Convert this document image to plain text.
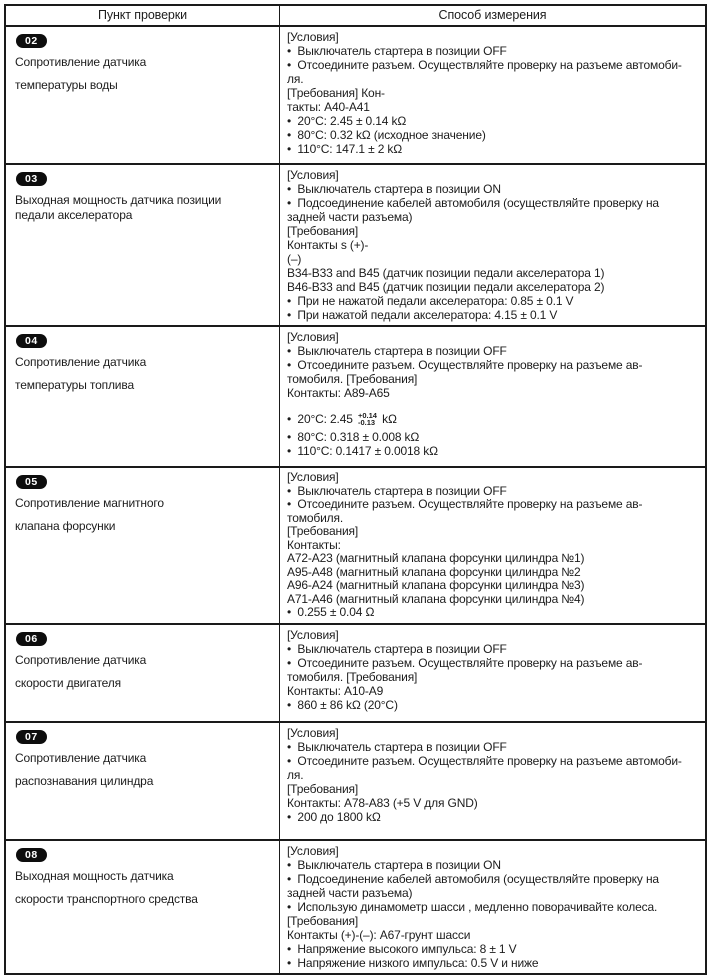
Пункт проверки	Способ измерения
02
Сопротивление датчика
температуры воды
[Условия]
•  Выключатель стартера в позиции OFF
•  Отсоедините разъем. Осуществляйте проверку на разъеме автомоби-
ля.
[Требования] Кон-
такты: A40-A41
•  20°C: 2.45 ± 0.14 kΩ
•  80°C: 0.32 kΩ (исходное значение)
•  110°C: 147.1 ± 2 kΩ
03
Выходная мощность датчика позиции
педали акселератора
[Условия]
•  Выключатель стартера в позиции ON
•  Подсоединение кабелей автомобиля (осуществляйте проверку на
задней части разъема)
[Требования]
Контакты s (+)-
(–)
B34-B33 and B45 (датчик позиции педали акселератора 1)
B46-B33 and B45 (датчик позиции педали акселератора 2)
•  При не нажатой педали акселератора: 0.85 ± 0.1 V
•  При нажатой педали акселератора: 4.15 ± 0.1 V
04
Сопротивление датчика
температуры топлива
[Условия]
•  Выключатель стартера в позиции OFF
•  Отсоедините разъем. Осуществляйте проверку на разъеме ав-
томобиля. [Требования]
Контакты: A89-A65
•  20°C: 2.45 +0.14
-0.13 kΩ
•  80°C: 0.318 ± 0.008 kΩ
•  110°C: 0.1417 ± 0.0018 kΩ
05
Сопротивление магнитного
клапана форсунки
[Условия]
•  Выключатель стартера в позиции OFF
•  Отсоедините разъем. Осуществляйте проверку на разъеме ав-
томобиля.
[Требования]
Контакты:
A72-A23 (магнитный клапана форсунки цилиндра №1)
A95-A48 (магнитный клапана форсунки цилиндра №2
A96-A24 (магнитный клапана форсунки цилиндра №3)
A71-A46 (магнитный клапана форсунки цилиндра №4)
•  0.255 ± 0.04 Ω
06
Сопротивление датчика
скорости двигателя
[Условия]
•  Выключатель стартера в позиции OFF
•  Отсоедините разъем. Осуществляйте проверку на разъеме ав-
томобиля. [Требования]
Контакты: A10-A9
•  860 ± 86 kΩ (20°C)
07
Сопротивление датчика
распознавания цилиндра
[Условия]
•  Выключатель стартера в позиции OFF
•  Отсоедините разъем. Осуществляйте проверку на разъеме автомоби-
ля.
[Требования]
Контакты: A78-A83 (+5 V для GND)
•  200 до 1800 kΩ
08
Выходная мощность датчика
скорости транспортного средства
[Условия]
•  Выключатель стартера в позиции ON
•  Подсоединение кабелей автомобиля (осуществляйте проверку на
задней части разъема)
•  Использую динамометр шасси , медленно поворачивайте колеса.
[Требования]
Контакты (+)-(–): A67-грунт шасси
•  Напряжение высокого импульса: 8 ± 1 V
•  Напряжение низкого импульса: 0.5 V и ниже
